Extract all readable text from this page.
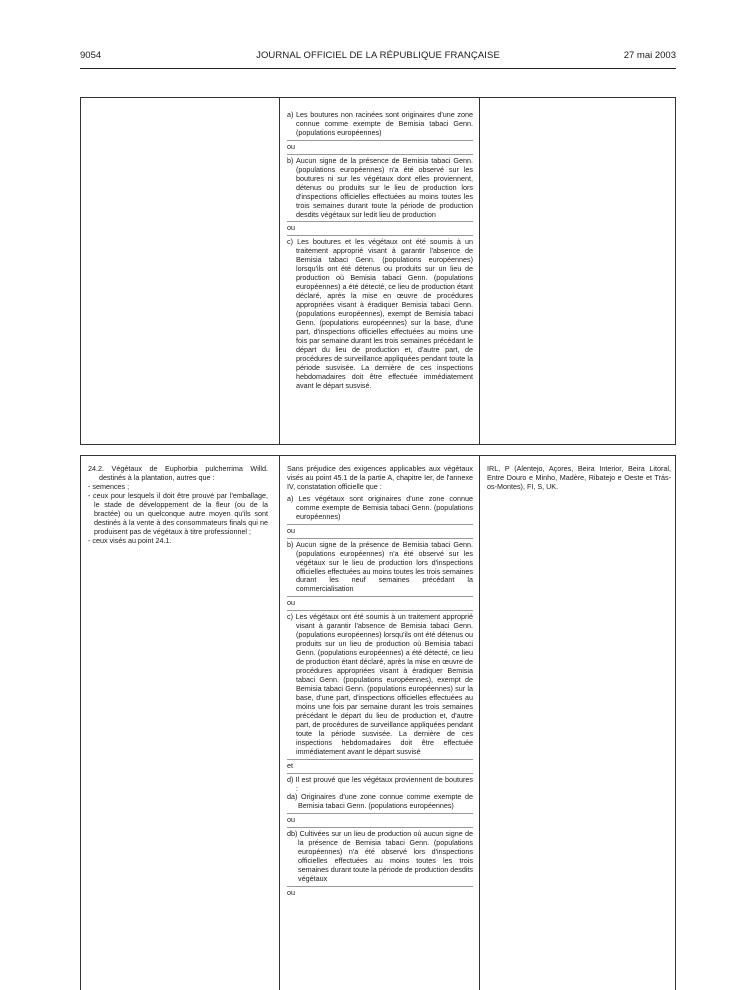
9054	JOURNAL OFFICIEL DE LA RÉPUBLIQUE FRANÇAISE	27 mai 2003

a) Les boutures non racinées sont originaires d'une zone connue comme exempte de Bemisia tabaci Genn. (populations européennes)

ou

b) Aucun signe de la présence de Bemisia tabaci Genn. (populations européennes) n'a été observé sur les boutures ni sur les végétaux dont elles proviennent, détenus ou produits sur le lieu de production lors d'inspections officielles effectuées au moins toutes les trois semaines durant toute la période de production desdits végétaux sur ledit lieu de production

ou

c) Les boutures et les végétaux ont été soumis à un traitement approprié visant à garantir l'absence de Bemisia tabaci Genn. (populations européennes) lorsqu'ils ont été détenus ou produits sur un lieu de production où Bemisia tabaci Genn. (populations européennes) a été détecté, ce lieu de production étant déclaré, après la mise en œuvre de procédures appropriées visant à éradiquer Bemisia tabaci Genn. (populations européennes), exempt de Bemisia tabaci Genn. (populations européennes) sur la base, d'une part, d'inspections officielles effectuées au moins une fois par semaine durant les trois semaines précédant le départ du lieu de production et, d'autre part, de procédures de surveillance appliquées pendant toute la période susvisée. La dernière de ces inspections hebdomadaires doit être effectuée immédiatement avant le départ susvisé.

24.2. Végétaux de Euphorbia pulcherrima Willd. destinés à la plantation, autres que :

- semences ;

- ceux pour lesquels il doit être prouvé par l'emballage, le stade de développement de la fleur (ou de la bractée) ou un quelconque autre moyen qu'ils sont destinés à la vente à des consommateurs finals qui ne produisent pas de végétaux à titre professionnel ;

- ceux visés au point 24.1.

Sans préjudice des exigences applicables aux végétaux visés au point 45.1 de la partie A, chapitre Ier, de l'annexe IV, constatation officielle que :

a) Les végétaux sont originaires d'une zone connue comme exempte de Bemisia tabaci Genn. (populations européennes)

ou

b) Aucun signe de la présence de Bemisia tabaci Genn. (populations européennes) n'a été observé sur les végétaux sur le lieu de production lors d'inspections officielles effectuées au moins toutes les trois semaines durant les neuf semaines précédant la commercialisation

ou

c) Les végétaux ont été soumis à un traitement approprié visant à garantir l'absence de Bemisia tabaci Genn. (populations européennes) lorsqu'ils ont été détenus ou produits sur un lieu de production où Bemisia tabaci Genn. (populations européennes) a été détecté, ce lieu de production étant déclaré, après la mise en œuvre de procédures appropriées visant à éradiquer Bemisia tabaci Genn. (populations européennes), exempt de Bemisia tabaci Genn. (populations européennes) sur la base, d'une part, d'inspections officielles effectuées au moins une fois par semaine durant les trois semaines précédant le départ du lieu de production et, d'autre part, de procédures de surveillance appliquées pendant toute la période susvisée. La dernière de ces inspections hebdomadaires doit être effectuée immédiatement avant le départ susvisé

et

d) Il est prouvé que les végétaux proviennent de boutures :

da) Originaires d'une zone connue comme exempte de Bemisia tabaci Genn. (populations européennes)

ou

db) Cultivées sur un lieu de production où aucun signe de la présence de Bemisia tabaci Genn. (populations européennes) n'a été observé lors d'inspections officielles effectuées au moins toutes les trois semaines durant toute la période de production desdits végétaux

ou

IRL, P (Alentejo, Açores, Beira Interior, Beira Litoral, Entre Douro e Minho, Madère, Ribatejo e Oeste et Trás-os-Montes), FI, S, UK.
